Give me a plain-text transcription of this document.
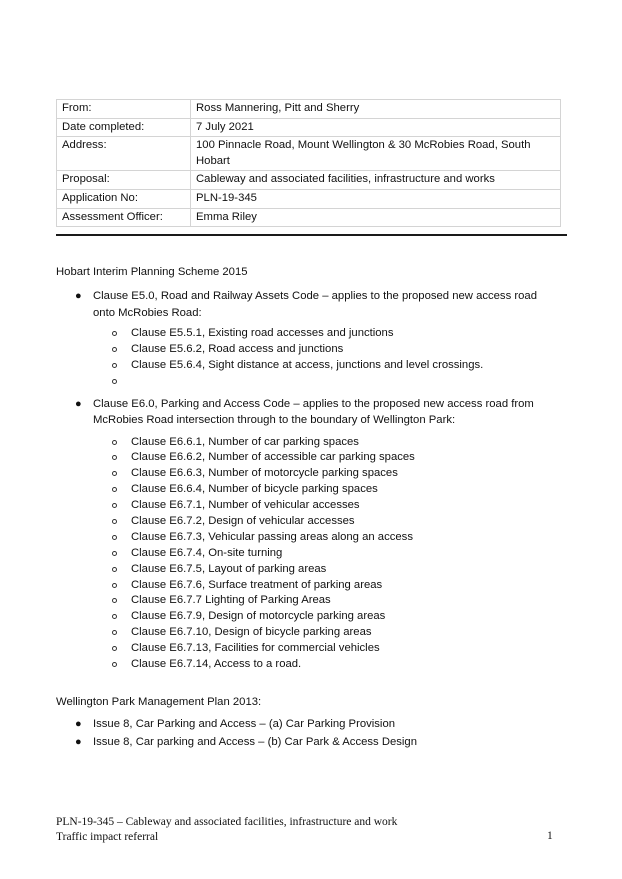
From:	Ross Mannering, Pitt and Sherry
Date completed:	7 July 2021
Address:	100 Pinnacle Road, Mount Wellington & 30 McRobies Road, South Hobart
Proposal:	Cableway and associated facilities, infrastructure and works
Application No:	PLN-19-345
Assessment Officer:	Emma Riley
Hobart Interim Planning Scheme 2015
● Clause E5.0, Road and Railway Assets Code – applies to the proposed new access road onto McRobies Road:
Clause E5.5.1, Existing road accesses and junctions
Clause E5.6.2, Road access and junctions
Clause E5.6.4, Sight distance at access, junctions and level crossings.
● Clause E6.0, Parking and Access Code – applies to the proposed new access road from McRobies Road intersection through to the boundary of Wellington Park:
Clause E6.6.1, Number of car parking spaces
Clause E6.6.2, Number of accessible car parking spaces
Clause E6.6.3, Number of motorcycle parking spaces
Clause E6.6.4, Number of bicycle parking spaces
Clause E6.7.1, Number of vehicular accesses
Clause E6.7.2, Design of vehicular accesses
Clause E6.7.3, Vehicular passing areas along an access
Clause E6.7.4, On-site turning
Clause E6.7.5, Layout of parking areas
Clause E6.7.6, Surface treatment of parking areas
Clause E6.7.7 Lighting of Parking Areas
Clause E6.7.9, Design of motorcycle parking areas
Clause E6.7.10, Design of bicycle parking areas
Clause E6.7.13, Facilities for commercial vehicles
Clause E6.7.14, Access to a road.
Wellington Park Management Plan 2013:
● Issue 8, Car Parking and Access – (a) Car Parking Provision
● Issue 8, Car parking and Access – (b) Car Park & Access Design
PLN-19-345 – Cableway and associated facilities, infrastructure and work
Traffic impact referral	1
